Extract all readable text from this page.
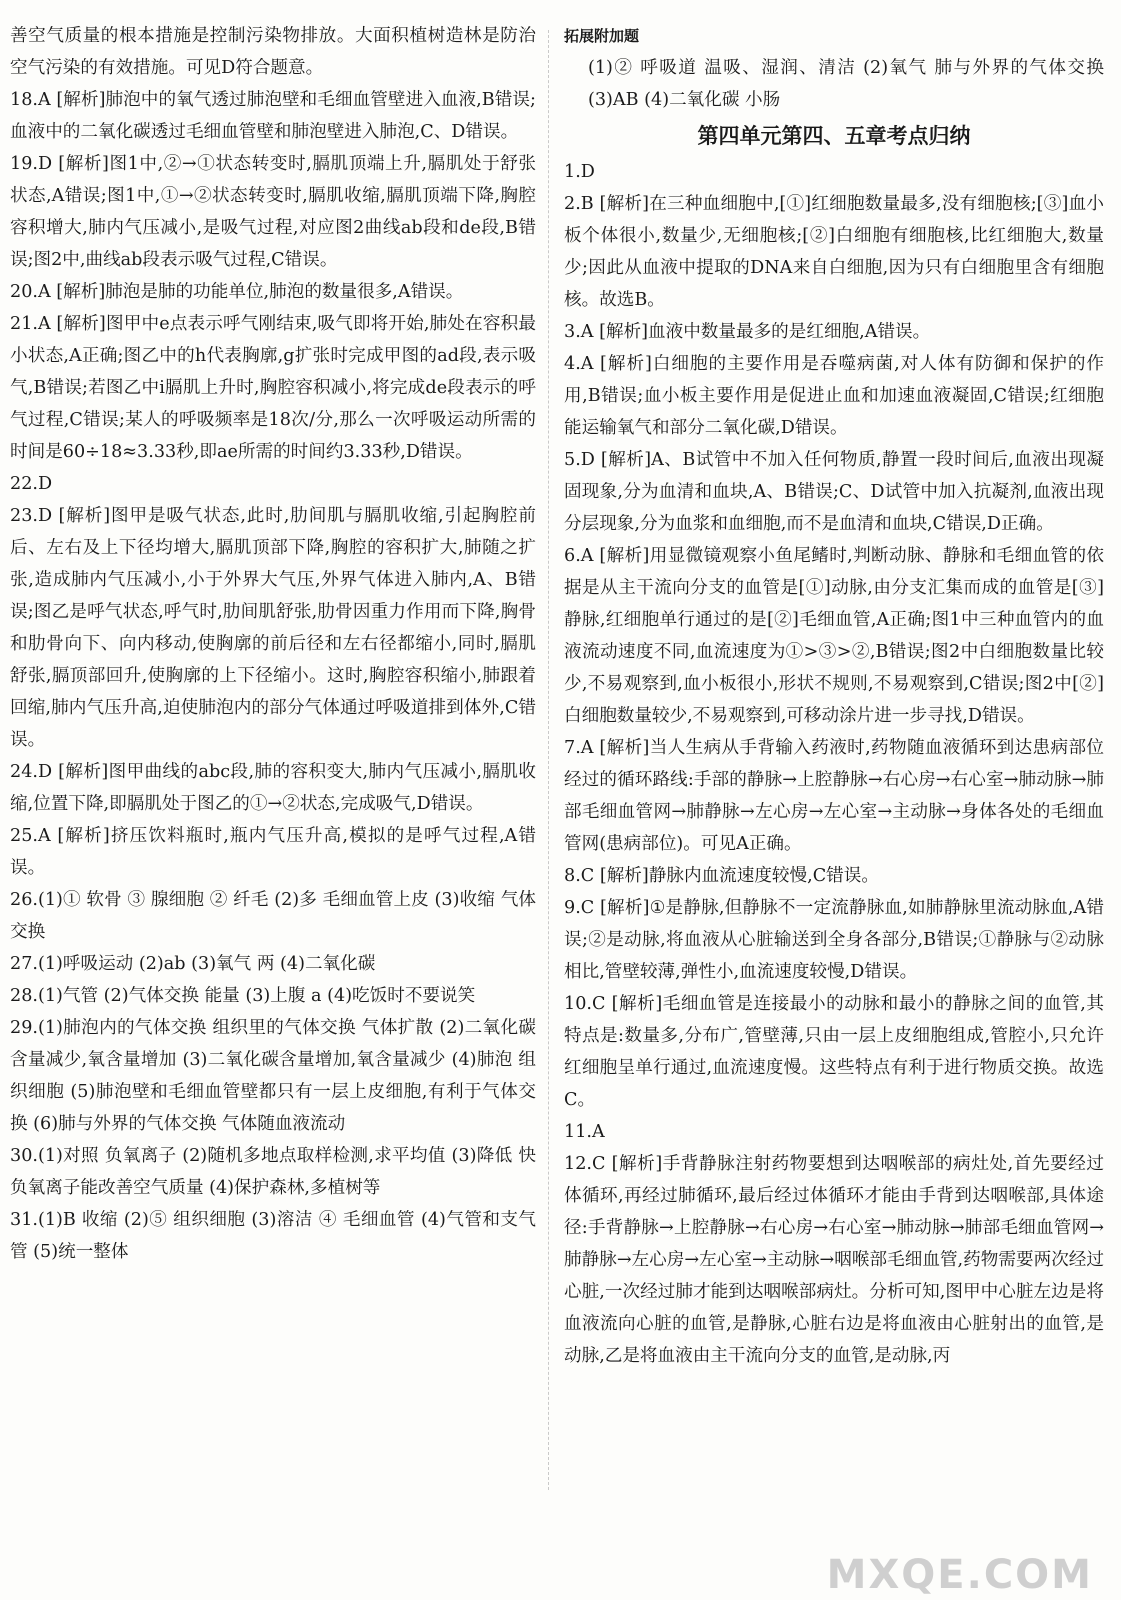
善空气质量的根本措施是控制污染物排放。大面积植树造林是防治空气污染的有效措施。可见D符合题意。

18.A [解析]肺泡中的氧气透过肺泡壁和毛细血管壁进入血液,B错误;血液中的二氧化碳透过毛细血管壁和肺泡壁进入肺泡,C、D错误。

19.D [解析]图1中,②→①状态转变时,膈肌顶端上升,膈肌处于舒张状态,A错误;图1中,①→②状态转变时,膈肌收缩,膈肌顶端下降,胸腔容积增大,肺内气压减小,是吸气过程,对应图2曲线ab段和de段,B错误;图2中,曲线ab段表示吸气过程,C错误。

20.A [解析]肺泡是肺的功能单位,肺泡的数量很多,A错误。

21.A [解析]图甲中e点表示呼气刚结束,吸气即将开始,肺处在容积最小状态,A正确;图乙中的h代表胸廓,g扩张时完成甲图的ad段,表示吸气,B错误;若图乙中i膈肌上升时,胸腔容积减小,将完成de段表示的呼气过程,C错误;某人的呼吸频率是18次/分,那么一次呼吸运动所需的时间是60÷18≈3.33秒,即ae所需的时间约3.33秒,D错误。

22.D

23.D [解析]图甲是吸气状态,此时,肋间肌与膈肌收缩,引起胸腔前后、左右及上下径均增大,膈肌顶部下降,胸腔的容积扩大,肺随之扩张,造成肺内气压减小,小于外界大气压,外界气体进入肺内,A、B错误;图乙是呼气状态,呼气时,肋间肌舒张,肋骨因重力作用而下降,胸骨和肋骨向下、向内移动,使胸廓的前后径和左右径都缩小,同时,膈肌舒张,膈顶部回升,使胸廓的上下径缩小。这时,胸腔容积缩小,肺跟着回缩,肺内气压升高,迫使肺泡内的部分气体通过呼吸道排到体外,C错误。

24.D [解析]图甲曲线的abc段,肺的容积变大,肺内气压减小,膈肌收缩,位置下降,即膈肌处于图乙的①→②状态,完成吸气,D错误。

25.A [解析]挤压饮料瓶时,瓶内气压升高,模拟的是呼气过程,A错误。

26.(1)① 软骨 ③ 腺细胞 ② 纤毛 (2)多 毛细血管上皮 (3)收缩 气体交换

27.(1)呼吸运动 (2)ab (3)氧气 两 (4)二氧化碳

28.(1)气管 (2)气体交换 能量 (3)上腹 a (4)吃饭时不要说笑

29.(1)肺泡内的气体交换 组织里的气体交换 气体扩散 (2)二氧化碳含量减少,氧含量增加 (3)二氧化碳含量增加,氧含量减少 (4)肺泡 组织细胞 (5)肺泡壁和毛细血管壁都只有一层上皮细胞,有利于气体交换 (6)肺与外界的气体交换 气体随血液流动

30.(1)对照 负氧离子 (2)随机多地点取样检测,求平均值 (3)降低 快 负氧离子能改善空气质量 (4)保护森林,多植树等

31.(1)B 收缩 (2)⑤ 组织细胞 (3)溶洁 ④ 毛细血管 (4)气管和支气管 (5)统一整体

拓展附加题

(1)② 呼吸道 温吸、湿润、清洁 (2)氧气 肺与外界的气体交换 (3)AB (4)二氧化碳 小肠

第四单元第四、五章考点归纳

1.D

2.B [解析]在三种血细胞中,[①]红细胞数量最多,没有细胞核;[③]血小板个体很小,数量少,无细胞核;[②]白细胞有细胞核,比红细胞大,数量少;因此从血液中提取的DNA来自白细胞,因为只有白细胞里含有细胞核。故选B。

3.A [解析]血液中数量最多的是红细胞,A错误。

4.A [解析]白细胞的主要作用是吞噬病菌,对人体有防御和保护的作用,B错误;血小板主要作用是促进止血和加速血液凝固,C错误;红细胞能运输氧气和部分二氧化碳,D错误。

5.D [解析]A、B试管中不加入任何物质,静置一段时间后,血液出现凝固现象,分为血清和血块,A、B错误;C、D试管中加入抗凝剂,血液出现分层现象,分为血浆和血细胞,而不是血清和血块,C错误,D正确。

6.A [解析]用显微镜观察小鱼尾鳍时,判断动脉、静脉和毛细血管的依据是从主干流向分支的血管是[①]动脉,由分支汇集而成的血管是[③]静脉,红细胞单行通过的是[②]毛细血管,A正确;图1中三种血管内的血液流动速度不同,血流速度为①>③>②,B错误;图2中白细胞数量比较少,不易观察到,血小板很小,形状不规则,不易观察到,C错误;图2中[②]白细胞数量较少,不易观察到,可移动涂片进一步寻找,D错误。

7.A [解析]当人生病从手背输入药液时,药物随血液循环到达患病部位经过的循环路线:手部的静脉→上腔静脉→右心房→右心室→肺动脉→肺部毛细血管网→肺静脉→左心房→左心室→主动脉→身体各处的毛细血管网(患病部位)。可见A正确。

8.C [解析]静脉内血流速度较慢,C错误。

9.C [解析]①是静脉,但静脉不一定流静脉血,如肺静脉里流动脉血,A错误;②是动脉,将血液从心脏输送到全身各部分,B错误;①静脉与②动脉相比,管壁较薄,弹性小,血流速度较慢,D错误。

10.C [解析]毛细血管是连接最小的动脉和最小的静脉之间的血管,其特点是:数量多,分布广,管壁薄,只由一层上皮细胞组成,管腔小,只允许红细胞呈单行通过,血流速度慢。这些特点有利于进行物质交换。故选C。

11.A

12.C [解析]手背静脉注射药物要想到达咽喉部的病灶处,首先要经过体循环,再经过肺循环,最后经过体循环才能由手背到达咽喉部,具体途径:手背静脉→上腔静脉→右心房→右心室→肺动脉→肺部毛细血管网→肺静脉→左心房→左心室→主动脉→咽喉部毛细血管,药物需要两次经过心脏,一次经过肺才能到达咽喉部病灶。分析可知,图甲中心脏左边是将血液流向心脏的血管,是静脉,心脏右边是将血液由心脏射出的血管,是动脉,乙是将血液由主干流向分支的血管,是动脉,丙

MXQE.COM
